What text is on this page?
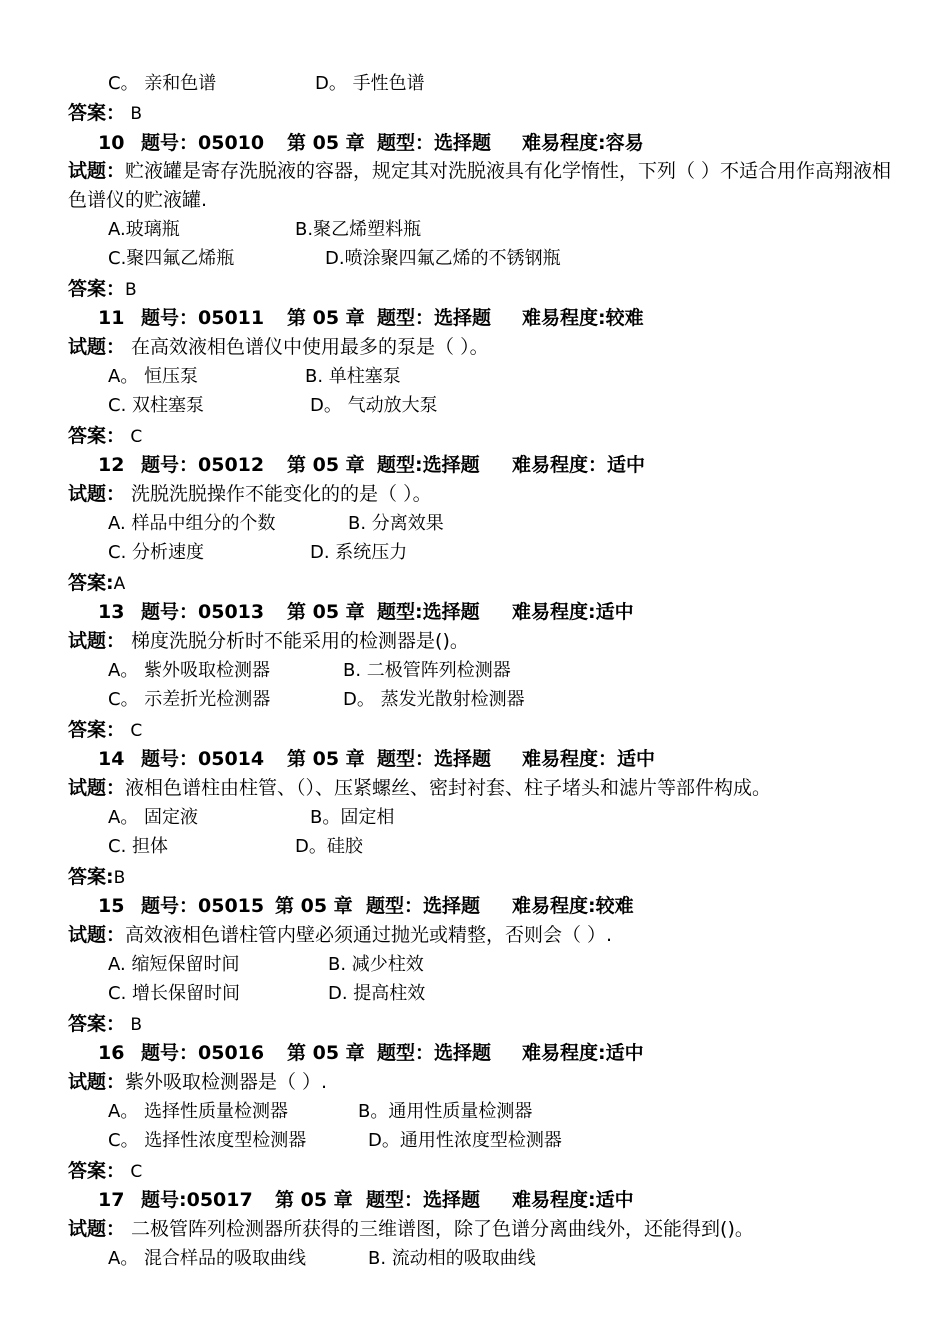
C。 亲和色谱	D。 手性色谱
答案： B
10 题号：05010 第 05 章 题型：选择题 难易程度:容易
试题：贮液罐是寄存洗脱液的容器，规定其对洗脱液具有化学惰性，下列（ ）不适合用作高翔液相色谱仪的贮液罐.
A.玻璃瓶	B.聚乙烯塑料瓶
C.聚四氟乙烯瓶	D.喷涂聚四氟乙烯的不锈钢瓶
答案：B
11 题号：05011 第 05 章 题型：选择题 难易程度:较难
试题： 在高效液相色谱仪中使用最多的泵是（ ）。
A。 恒压泵	B. 单柱塞泵
C. 双柱塞泵	D。 气动放大泵
答案： C
12 题号：05012 第 05 章 题型:选择题 难易程度：适中
试题： 洗脱洗脱操作不能变化的的是（ ）。
A. 样品中组分的个数	B. 分离效果
C. 分析速度	D. 系统压力
答案:A
13 题号：05013 第 05 章 题型:选择题 难易程度:适中
试题： 梯度洗脱分析时不能采用的检测器是()。
A。 紫外吸取检测器	B. 二极管阵列检测器
C。 示差折光检测器	D。 蒸发光散射检测器
答案： C
14 题号：05014 第 05 章 题型：选择题 难易程度：适中
试题：液相色谱柱由柱管、（）、压紧螺丝、密封衬套、柱子堵头和滤片等部件构成。
A。 固定液	B。固定相
C. 担体	D。硅胶
答案:B
15 题号：05015 第 05 章 题型：选择题 难易程度:较难
试题：高效液相色谱柱管内壁必须通过抛光或精整，否则会（ ）.
A. 缩短保留时间	B. 减少柱效
C. 增长保留时间	D. 提高柱效
答案： B
16 题号：05016 第 05 章 题型：选择题 难易程度:适中
试题：紫外吸取检测器是（ ）.
A。 选择性质量检测器	B。通用性质量检测器
C。 选择性浓度型检测器	D。通用性浓度型检测器
答案： C
17 题号:05017 第 05 章 题型：选择题 难易程度:适中
试题： 二极管阵列检测器所获得的三维谱图，除了色谱分离曲线外，还能得到()。
A。 混合样品的吸取曲线	B. 流动相的吸取曲线
